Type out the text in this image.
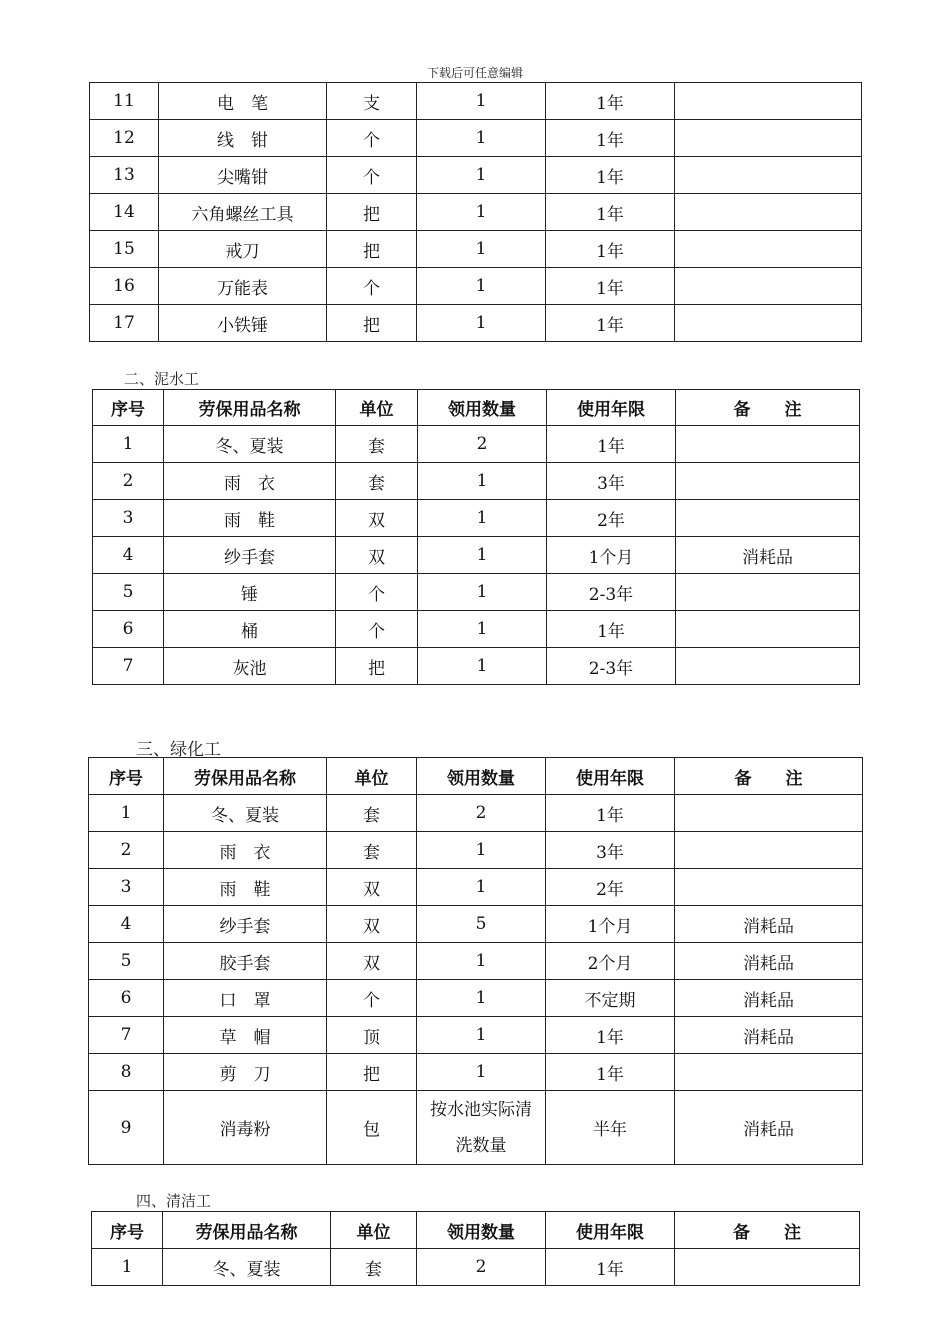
下载后可任意编辑
11	电　笔	支	1	1年	
12	线　钳	个	1	1年	
13	尖嘴钳	个	1	1年	
14	六角螺丝工具	把	1	1年	
15	戒刀	把	1	1年	
16	万能表	个	1	1年	
17	小铁锤	把	1	1年	
二、泥水工
序号	劳保用品名称	单位	领用数量	使用年限	备　　注
1	冬、夏装	套	2	1年	
2	雨　衣	套	1	3年	
3	雨　鞋	双	1	2年	
4	纱手套	双	1	1个月	消耗品
5	锤	个	1	2-3年	
6	桶	个	1	1年	
7	灰池	把	1	2-3年	
三、绿化工
序号	劳保用品名称	单位	领用数量	使用年限	备　　注
1	冬、夏装	套	2	1年	
2	雨　衣	套	1	3年	
3	雨　鞋	双	1	2年	
4	纱手套	双	5	1个月	消耗品
5	胶手套	双	1	2个月	消耗品
6	口　罩	个	1	不定期	消耗品
7	草　帽	顶	1	1年	消耗品
8	剪　刀	把	1	1年	
9	消毒粉	包	按水池实际清洗数量	半年	消耗品
四、清洁工
序号	劳保用品名称	单位	领用数量	使用年限	备　　注
1	冬、夏装	套	2	1年	
